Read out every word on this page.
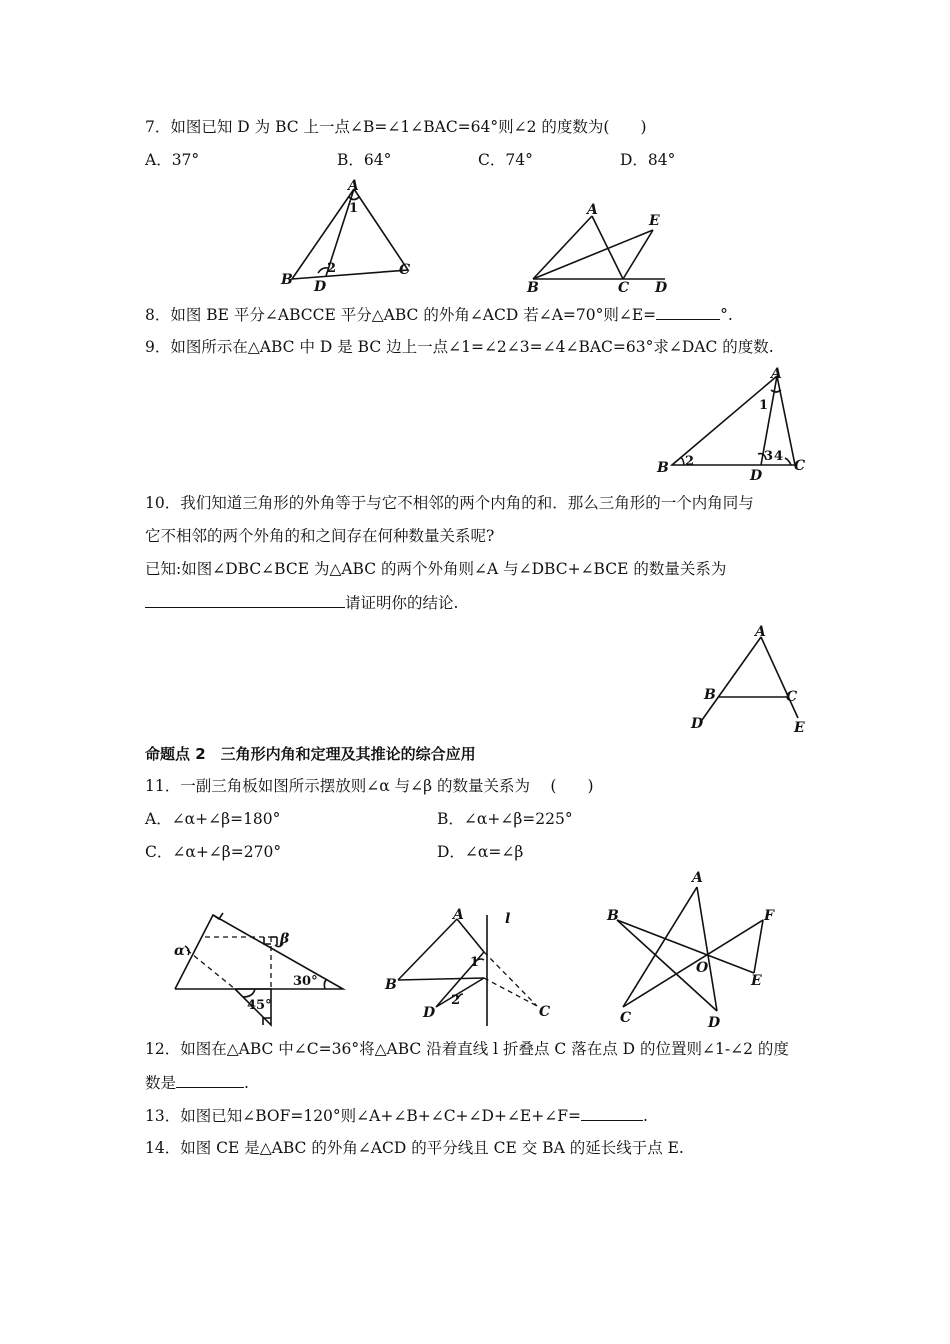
7．如图已知 D 为 BC 上一点∠B=∠1∠BAC=64°则∠2 的度数为(　　)
A．37°	B．64°	C．74°	D．84°
A
B
C
D
1
2
A
B	C D
E
8．如图 BE 平分∠ABCCE 平分△ABC 的外角∠ACD 若∠A=70°则∠E=	°.
9．如图所示在△ABC 中 D 是 BC 边上一点∠1=∠2∠3=∠4∠BAC=63°求∠DAC 的度数.
A
B	C
D
1
2	3 4
10．我们知道三角形的外角等于与它不相邻的两个内角的和．那么三角形的一个内角同与
它不相邻的两个外角的和之间存在何种数量关系呢?
已知:如图∠DBC∠BCE 为△ABC 的两个外角则∠A 与∠DBC+∠BCE 的数量关系为
请证明你的结论.
A
B	C
D	E
命题点 2　三角形内角和定理及其推论的综合应用
11．一副三角板如图所示摆放则∠α 与∠β 的数量关系为　 (　　)
A．∠α+∠β=180°	B．∠α+∠β=225°
C．∠α+∠β=270°	D．∠α=∠β
α
β
30°
45°
A
B
C
D
l
1
2
A
B
C	D
E
F
O
12．如图在△ABC 中∠C=36°将△ABC 沿着直线 l 折叠点 C 落在点 D 的位置则∠1-∠2 的度
数是	.
13．如图已知∠BOF=120°则∠A+∠B+∠C+∠D+∠E+∠F=	.
14．如图 CE 是△ABC 的外角∠ACD 的平分线且 CE 交 BA 的延长线于点 E.
